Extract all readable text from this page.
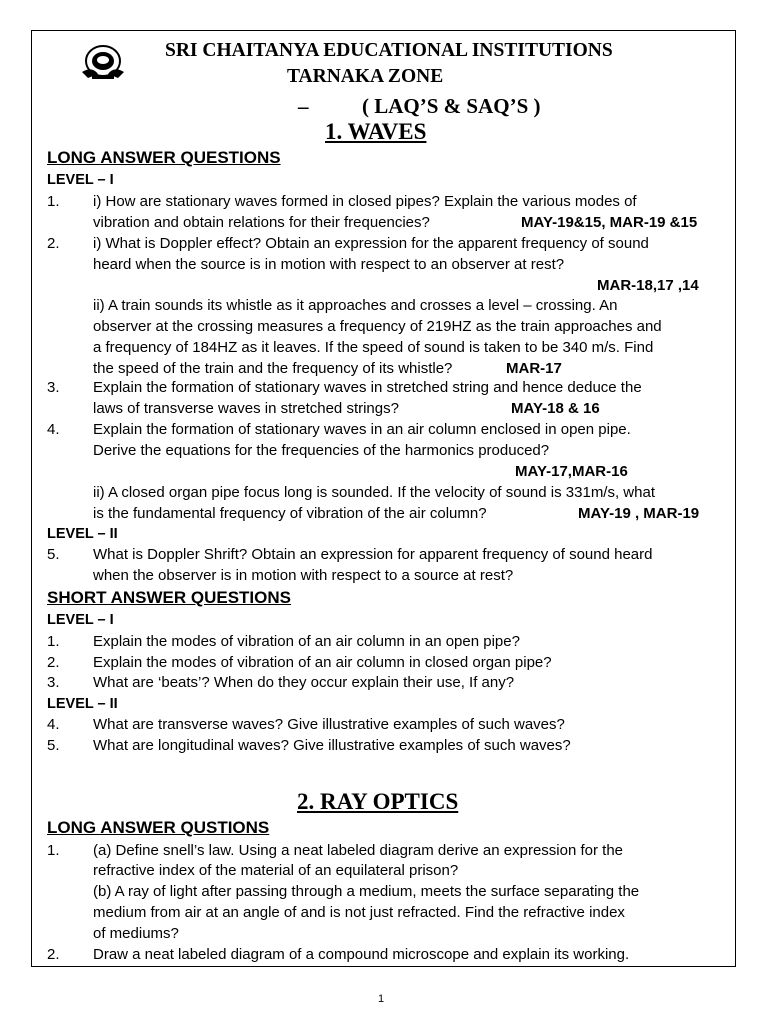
SRI CHAITANYA EDUCATIONAL INSTITUTIONS
TARNAKA ZONE
–	( LAQ’S & SAQ’S )
1. WAVES
LONG ANSWER QUESTIONS
LEVEL – I
1. i) How are stationary waves formed in closed pipes? Explain the various modes of
vibration and obtain relations for their frequencies?	MAY-19&15, MAR-19 &15
2. i) What is Doppler effect? Obtain an expression for the apparent frequency of sound
heard when the source is in motion with respect to an observer at rest?
MAR-18,17 ,14
ii) A train sounds its whistle as it approaches and crosses a level – crossing. An
observer at the crossing measures a frequency of 219HZ as the train approaches and
a frequency of 184HZ as it leaves. If the speed of sound is taken to be 340 m/s. Find
the speed of the train and the frequency of its whistle?	MAR-17
3. Explain the formation of stationary waves in stretched string and hence deduce the
laws of transverse waves in stretched strings?	MAY-18 & 16
4. Explain the formation of stationary waves in an air column enclosed in open pipe.
Derive the equations for the frequencies of the harmonics produced?
MAY-17,MAR-16
ii) A closed organ pipe focus long is sounded. If the velocity of sound is 331m/s, what
is the fundamental frequency of vibration of the air column?	MAY-19 , MAR-19
LEVEL – II
5. What is Doppler Shrift? Obtain an expression for apparent frequency of sound heard
when the observer is in motion with respect to a source at rest?
SHORT ANSWER QUESTIONS
LEVEL – I
1. Explain the modes of vibration of an air column in an open pipe?
2. Explain the modes of vibration of an air column in closed organ pipe?
3. What are ‘beats’? When do they occur explain their use, If any?
LEVEL – II
4. What are transverse waves? Give illustrative examples of such waves?
5. What are longitudinal waves? Give illustrative examples of such waves?
2. RAY OPTICS
LONG ANSWER QUSTIONS
1. (a) Define snell’s law. Using a neat labeled diagram derive an expression for the
refractive index of the material of an equilateral prison?
(b) A ray of light after passing through a medium, meets the surface separating the
medium from air at an angle of and is not just refracted. Find the refractive index
of mediums?
2. Draw a neat labeled diagram of a compound microscope and explain its working.
1
